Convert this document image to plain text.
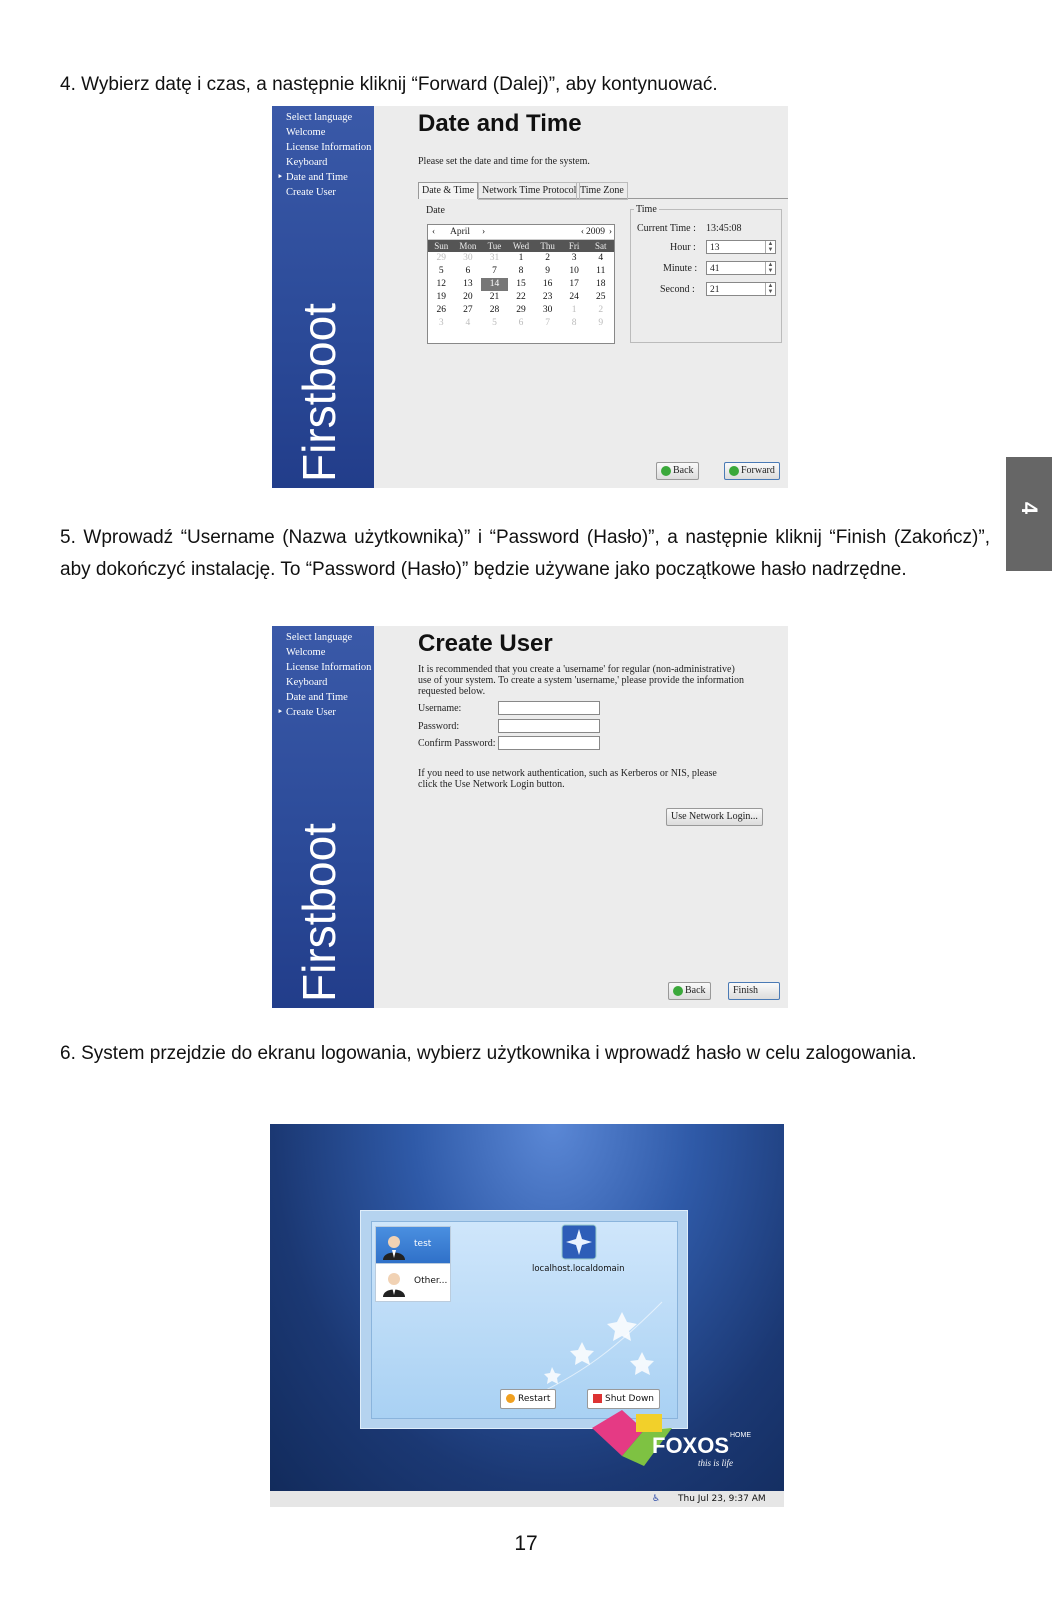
4. Wybierz datę i czas, a następnie kliknij “Forward (Dalej)”, aby kontynuować.

Select language
Welcome
License Information
Keyboard
‣ Date and Time
Create User
Firstboot
Date and Time
Please set the date and time for the system.
Date & Time Network Time Protocol Time Zone
Date
‹ April ›	‹ 2009 ›
Sun	Mon	Tue	Wed	Thu	Fri	Sat
29	30	31	1	2	3	4
5	6	7	8	9	10	11
12	13	14	15	16	17	18
19	20	21	22	23	24	25
26	27	28	29	30	1	2
3	4	5	6	7	8	9
Time
Current Time : 13:45:08
Hour :	13	▲
▼
Minute :	41	▲
▼
Second :	21	▲
▼
Back	Forward

5. Wprowadź “Username (Nazwa użytkownika)” i “Password (Hasło)”, a następnie kliknij “Finish (Zakończ)”, aby dokończyć instalację. To “Password (Hasło)” będzie używane jako początkowe hasło nadrzędne.

Select language
Welcome
License Information
Keyboard
Date and Time
‣ Create User
Firstboot
Create User
It is recommended that you create a 'username' for regular (non-administrative) use of your system. To create a system 'username,' please provide the information requested below.
Username:
Password:
Confirm Password:
If you need to use network authentication, such as Kerberos or NIS, please click the Use Network Login button.
Use Network Login...
Back	Finish

6. System przejdzie do ekranu logowania, wybierz użytkownika i wprowadź hasło w celu zalogowania.

test
Other...
localhost.localdomain
Restart	Shut Down
FOXOS HOME
this is life
♿ Thu Jul 23, 9:37 AM
4
17
